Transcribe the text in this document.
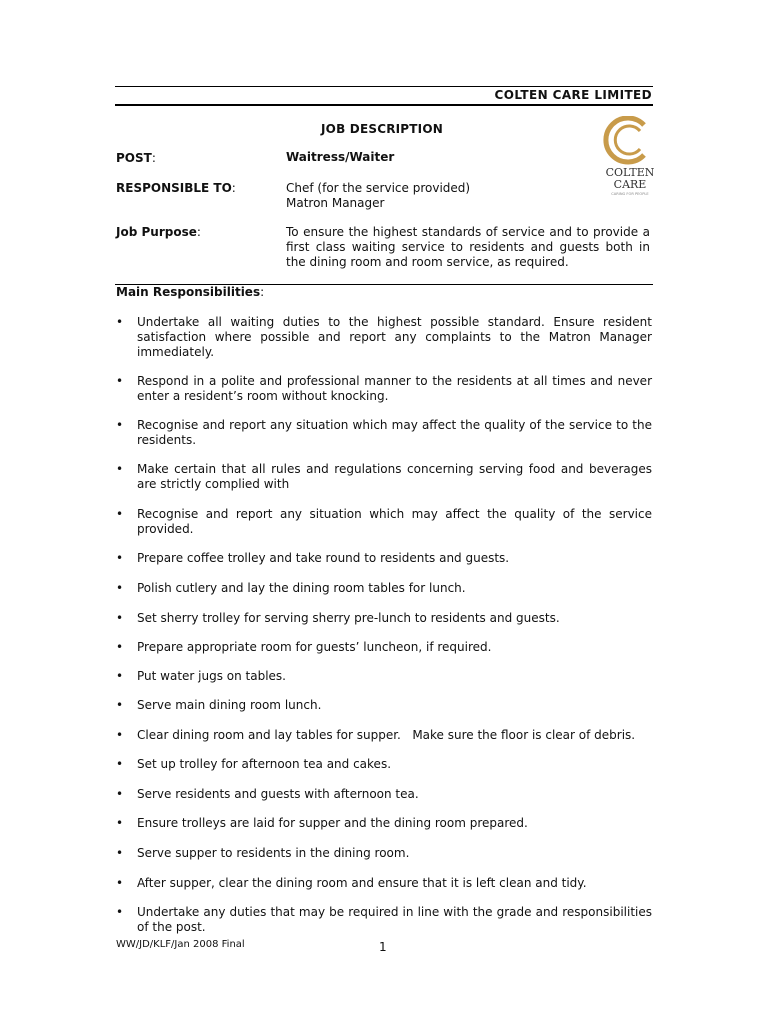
COLTEN CARE LIMITED
JOB DESCRIPTION
COLTEN
CARE
CARING FOR PEOPLE
POST:	Waitress/Waiter
RESPONSIBLE TO:	Chef (for the service provided)
Matron Manager
Job Purpose:	To ensure the highest standards of service and to provide a first class waiting service to residents and guests both in the dining room and room service, as required.
Main Responsibilities:
• Undertake all waiting duties to the highest possible standard. Ensure resident satisfaction where possible and report any complaints to the Matron Manager immediately.
• Respond in a polite and professional manner to the residents at all times and never enter a resident’s room without knocking.
• Recognise and report any situation which may affect the quality of the service to the residents.
• Make certain that all rules and regulations concerning serving food and beverages are strictly complied with
• Recognise and report any situation which may affect the quality of the service provided.
• Prepare coffee trolley and take round to residents and guests.
• Polish cutlery and lay the dining room tables for lunch.
• Set sherry trolley for serving sherry pre-lunch to residents and guests.
• Prepare appropriate room for guests’ luncheon, if required.
• Put water jugs on tables.
• Serve main dining room lunch.
• Clear dining room and lay tables for supper.   Make sure the floor is clear of debris.
• Set up trolley for afternoon tea and cakes.
• Serve residents and guests with afternoon tea.
• Ensure trolleys are laid for supper and the dining room prepared.
• Serve supper to residents in the dining room.
• After supper, clear the dining room and ensure that it is left clean and tidy.
• Undertake any duties that may be required in line with the grade and responsibilities of the post.
WW/JD/KLF/Jan 2008 Final	1
